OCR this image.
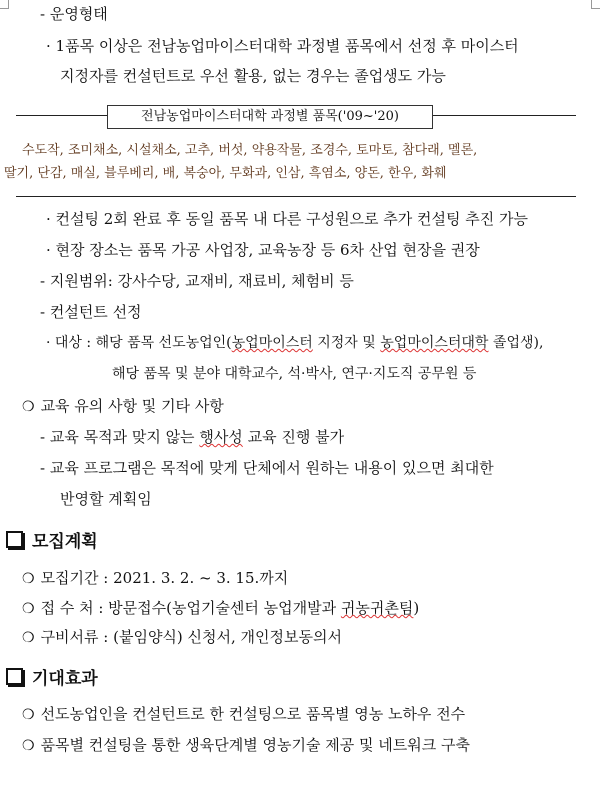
- 운영형태
· 1품목 이상은 전남농업마이스터대학 과정별 품목에서 선정 후 마이스터
지정자를 컨설턴트로 우선 활용, 없는 경우는 졸업생도 가능
전남농업마이스터대학 과정별 품목('09~'20)
수도작, 조미채소, 시설채소, 고추, 버섯, 약용작물, 조경수, 토마토, 참다래, 멜론,
딸기, 단감, 매실, 블루베리, 배, 복숭아, 무화과, 인삼, 흑염소, 양돈, 한우, 화훼
· 컨설팅 2회 완료 후 동일 품목 내 다른 구성원으로 추가 컨설팅 추진 가능
· 현장 장소는 품목 가공 사업장, 교육농장 등 6차 산업 현장을 권장
- 지원범위: 강사수당, 교재비, 재료비, 체험비 등
- 컨설턴트 선정
· 대상 : 해당 품목 선도농업인(농업마이스터 지정자 및 농업마이스터대학 졸업생),
해당 품목 및 분야 대학교수, 석·박사, 연구·지도직 공무원 등
❍ 교육 유의 사항 및 기타 사항
- 교육 목적과 맞지 않는 행사성 교육 진행 불가
- 교육 프로그램은 목적에 맞게 단체에서 원하는 내용이 있으면 최대한
반영할 계획임
모집계획
❍ 모집기간 : 2021. 3. 2. ~ 3. 15.까지
❍ 접 수 처 : 방문접수(농업기술센터 농업개발과 귀농귀촌팀)
❍ 구비서류 : (붙임양식) 신청서, 개인정보동의서
기대효과
❍ 선도농업인을 컨설턴트로 한 컨설팅으로 품목별 영농 노하우 전수
❍ 품목별 컨설팅을 통한 생육단계별 영농기술 제공 및 네트워크 구축
